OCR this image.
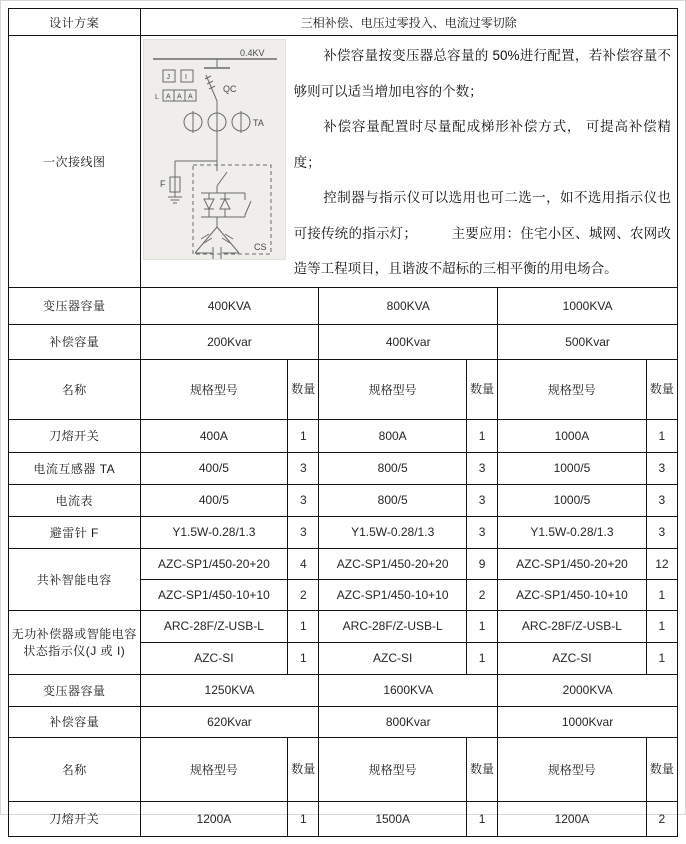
设计方案	三相补偿、电压过零投入、电流过零切除					
一次接线图	
0.4KV
J I
L A A A
QC
TA
F
CS

补偿容量按变压器总容量的 50%进行配置，若补偿容量不够则可以适当增加电容的个数；

补偿容量配置时尽量配成梯形补偿方式， 可提高补偿精度；

控制器与指示仪可以选用也可二选一，如不选用指示仪也可接传统的指示灯；　　　主要应用：住宅小区、城网、农网改造等工程项目，且谐波不超标的三相平衡的用电场合。

变压器容量	400KVA		800KVA		1000KVA	
补偿容量	200Kvar		400Kvar		500Kvar	
名称	规格型号	数量	规格型号	数量	规格型号	数量
刀熔开关	400A	1	800A	1	1000A	1
电流互感器 TA	400/5	3	800/5	3	1000/5	3
电流表	400/5	3	800/5	3	1000/5	3
避雷针 F	Y1.5W-0.28/1.3	3	Y1.5W-0.28/1.3	3	Y1.5W-0.28/1.3	3
共补智能电容	AZC-SP1/450-20+20	4	AZC-SP1/450-20+20	9	AZC-SP1/450-20+20	12
	AZC-SP1/450-10+10	2	AZC-SP1/450-10+10	2	AZC-SP1/450-10+10	1
无功补偿器或智能电容状态指示仪(J 或 I)	ARC-28F/Z-USB-L	1	ARC-28F/Z-USB-L	1	ARC-28F/Z-USB-L	1
	AZC-SI	1	AZC-SI	1	AZC-SI	1
变压器容量	1250KVA		1600KVA		2000KVA	
补偿容量	620Kvar		800Kvar		1000Kvar	
名称	规格型号	数量	规格型号	数量	规格型号	数量
刀熔开关	1200A	1	1500A	1	1200A	2
